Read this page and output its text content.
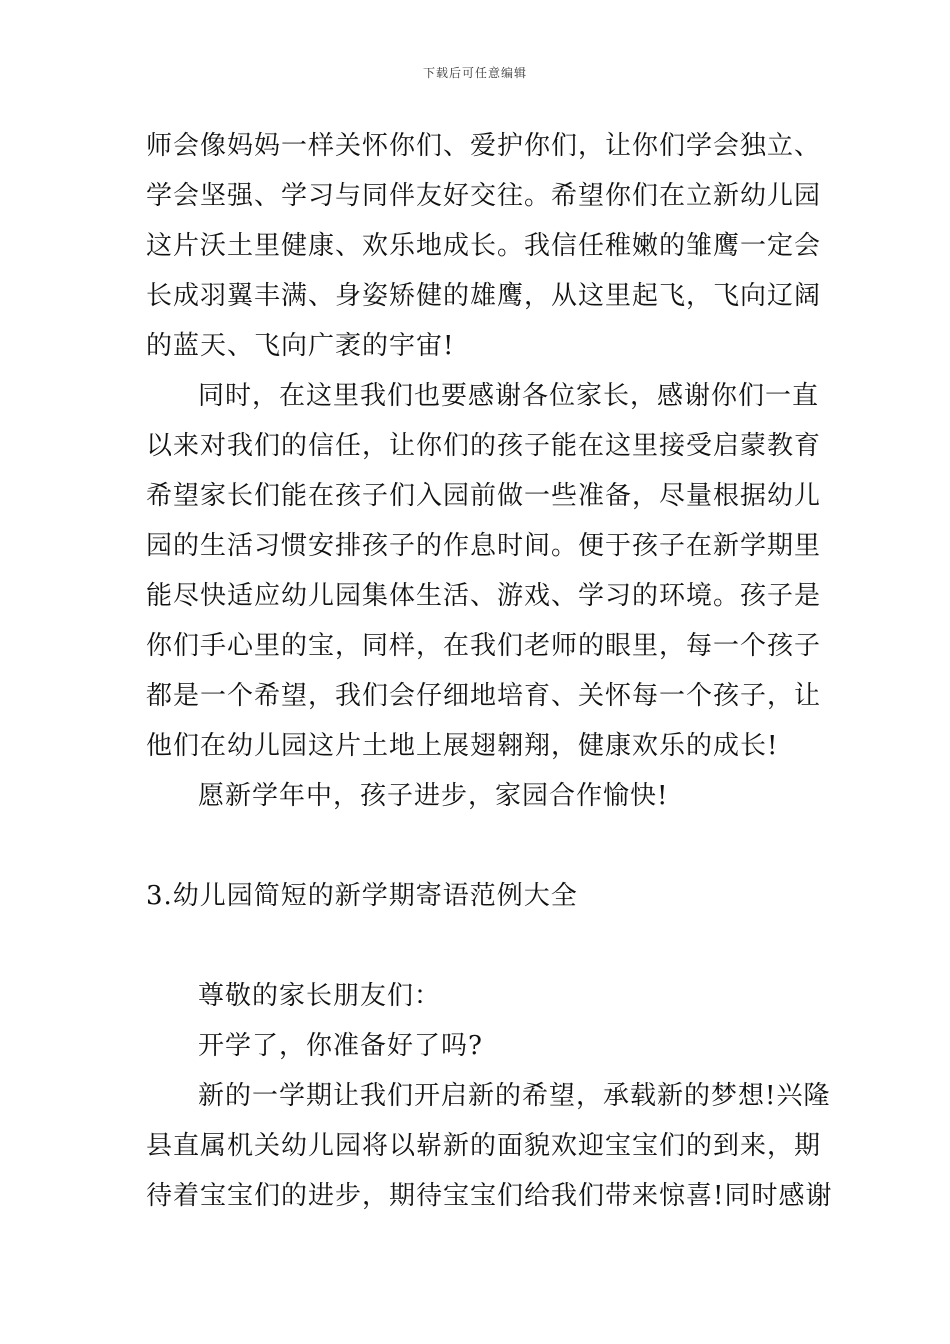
下载后可任意编辑
师会像妈妈一样关怀你们、爱护你们，让你们学会独立、
学会坚强、学习与同伴友好交往。希望你们在立新幼儿园
这片沃土里健康、欢乐地成长。我信任稚嫩的雏鹰一定会
长成羽翼丰满、身姿矫健的雄鹰，从这里起飞，飞向辽阔
的蓝天、飞向广袤的宇宙!
同时，在这里我们也要感谢各位家长，感谢你们一直
以来对我们的信任，让你们的孩子能在这里接受启蒙教育
希望家长们能在孩子们入园前做一些准备，尽量根据幼儿
园的生活习惯安排孩子的作息时间。便于孩子在新学期里
能尽快适应幼儿园集体生活、游戏、学习的环境。孩子是
你们手心里的宝，同样，在我们老师的眼里，每一个孩子
都是一个希望，我们会仔细地培育、关怀每一个孩子，让
他们在幼儿园这片土地上展翅翱翔，健康欢乐的成长!
愿新学年中，孩子进步，家园合作愉快!
3.幼儿园简短的新学期寄语范例大全
尊敬的家长朋友们：
开学了，你准备好了吗?
新的一学期让我们开启新的希望，承载新的梦想!兴隆
县直属机关幼儿园将以崭新的面貌欢迎宝宝们的到来，期
待着宝宝们的进步，期待宝宝们给我们带来惊喜!同时感谢
